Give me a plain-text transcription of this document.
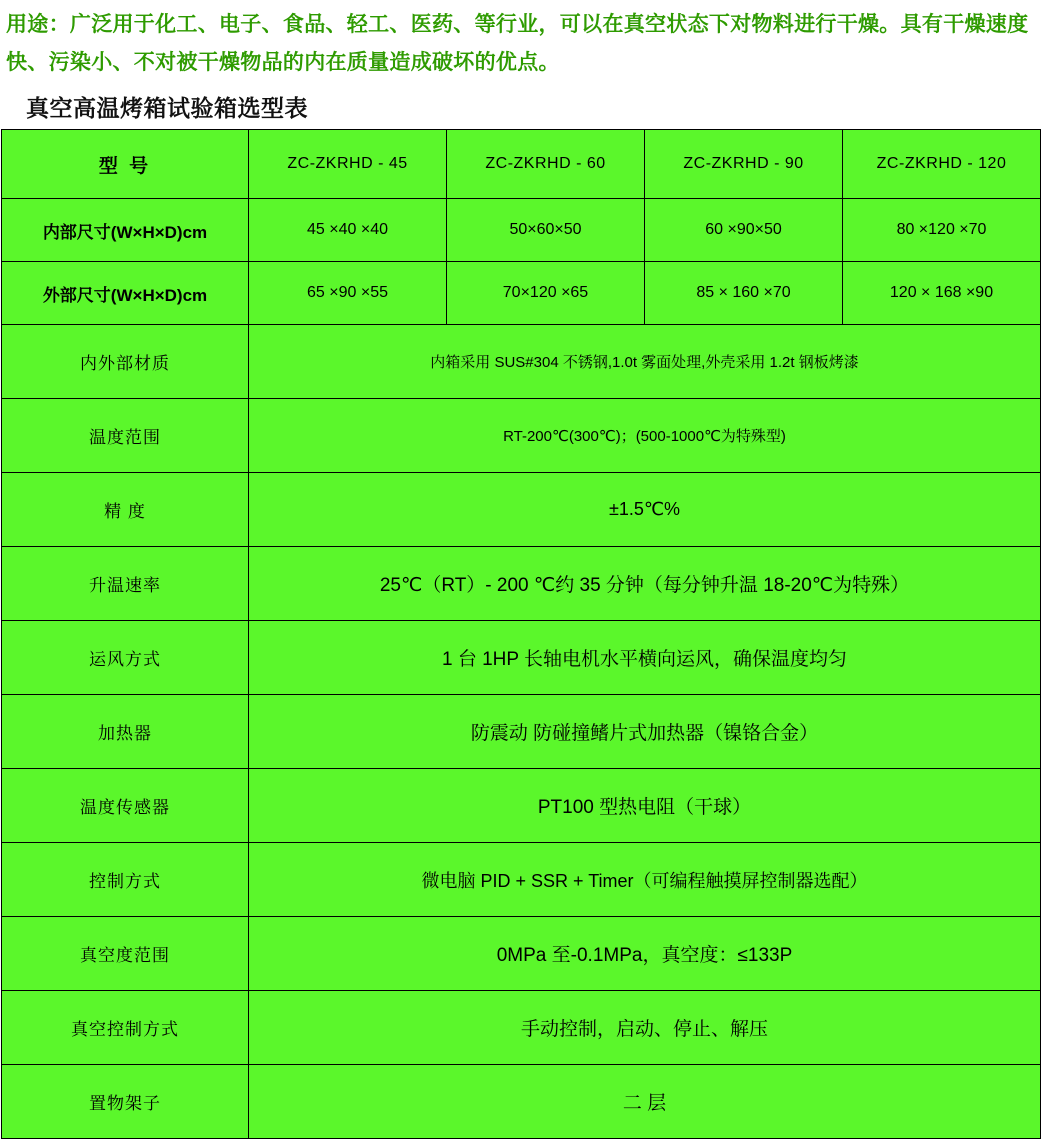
用途：广泛用于化工、电子、食品、轻工、医药、等行业，可以在真空状态下对物料进行干燥。具有干燥速度快、污染小、不对被干燥物品的内在质量造成破坏的优点。
真空高温烤箱试验箱选型表
型 号	ZC-ZKRHD - 45	ZC-ZKRHD - 60	ZC-ZKRHD - 90	ZC-ZKRHD - 120
内部尺寸(W×H×D)cm	45 ×40 ×40	50×60×50	60 ×90×50	80 ×120 ×70
外部尺寸(W×H×D)cm	65 ×90 ×55	70×120 ×65	85 × 160 ×70	120 × 168 ×90
内外部材质	内箱采用 SUS#304 不锈钢,1.0t 雾面处理,外壳采用 1.2t 钢板烤漆			
温度范围	RT-200℃(300℃)；(500-1000℃为特殊型)			
精 度	±1.5℃%			
升温速率	25℃（RT）- 200 ℃约 35 分钟（每分钟升温 18-20℃为特殊）			
运风方式	1 台 1HP 长轴电机水平横向运风，确保温度均匀			
加热器	防震动 防碰撞鳍片式加热器（镍铬合金）			
温度传感器	PT100 型热电阻（干球）			
控制方式	微电脑 PID + SSR + Timer（可编程触摸屏控制器选配）			
真空度范围	0MPa 至-0.1MPa，真空度：≤133P			
真空控制方式	手动控制，启动、停止、解压			
置物架子	二 层			
